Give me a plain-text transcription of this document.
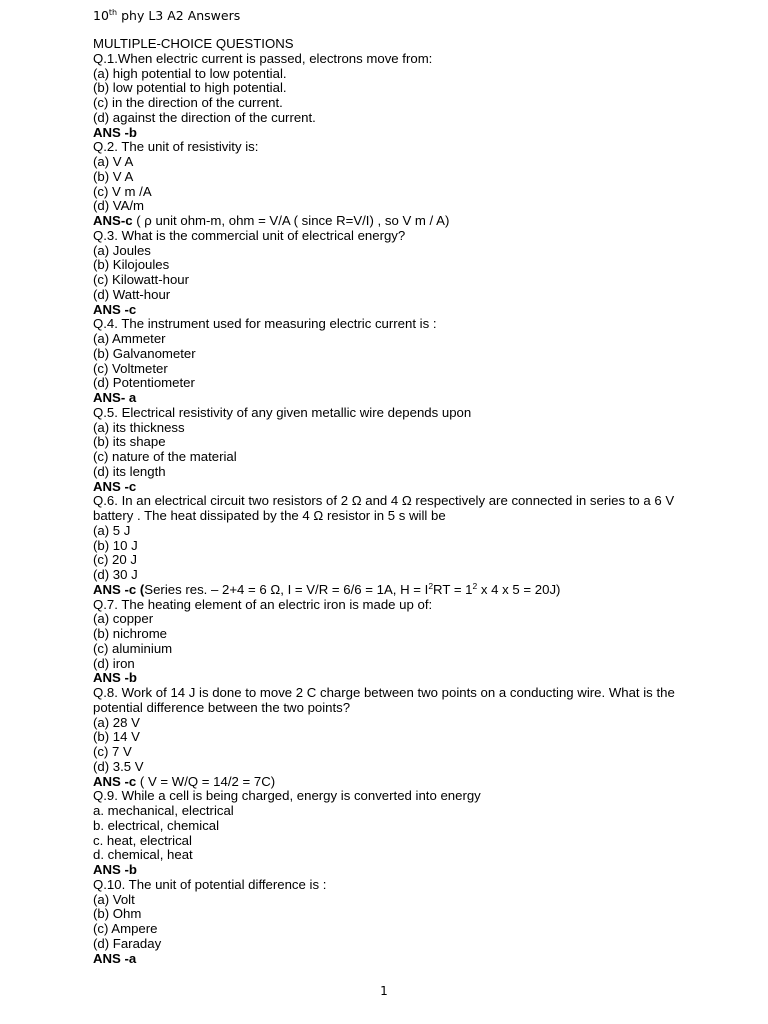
10th phy L3 A2 Answers
MULTIPLE-CHOICE QUESTIONS
Q.1.When electric current is passed, electrons move from:
(a) high potential to low potential.
(b) low potential to high potential.
(c) in the direction of the current.
(d) against the direction of the current.
ANS -b
Q.2. The unit of resistivity is:
(a) V A
(b) V A
(c) V m /A
(d) VA/m
ANS-c ( ρ unit ohm-m, ohm = V/A ( since R=V/I) , so V m / A)
Q.3. What is the commercial unit of electrical energy?
(a) Joules
(b) Kilojoules
(c) Kilowatt-hour
(d) Watt-hour
ANS -c
Q.4. The instrument used for measuring electric current is :
(a) Ammeter
(b) Galvanometer
(c) Voltmeter
(d) Potentiometer
ANS- a
Q.5. Electrical resistivity of any given metallic wire depends upon
(a) its thickness
(b) its shape
(c) nature of the material
(d) its length
ANS -c
Q.6. In an electrical circuit two resistors of 2 Ω and 4 Ω respectively are connected in series to a 6 V battery . The heat dissipated by the 4 Ω resistor in 5 s will be
(a) 5 J
(b) 10 J
(c) 20 J
(d) 30 J
ANS -c (Series res. – 2+4 = 6 Ω, I = V/R = 6/6 = 1A, $H = I^2RT = 1^2$ x 4 x 5 = 20J)
Q.7. The heating element of an electric iron is made up of:
(a) copper
(b) nichrome
(c) aluminium
(d) iron
ANS -b
Q.8. Work of 14 J is done to move 2 C charge between two points on a conducting wire. What is the potential difference between the two points?
(a) 28 V
(b) 14 V
(c) 7 V
(d) 3.5 V
ANS -c ( V = W/Q = 14/2 = 7C)
Q.9. While a cell is being charged, energy is converted into energy
a. mechanical, electrical
b. electrical, chemical
c. heat, electrical
d. chemical, heat
ANS -b
Q.10. The unit of potential difference is :
(a) Volt
(b) Ohm
(c) Ampere
(d) Faraday
ANS -a
1
